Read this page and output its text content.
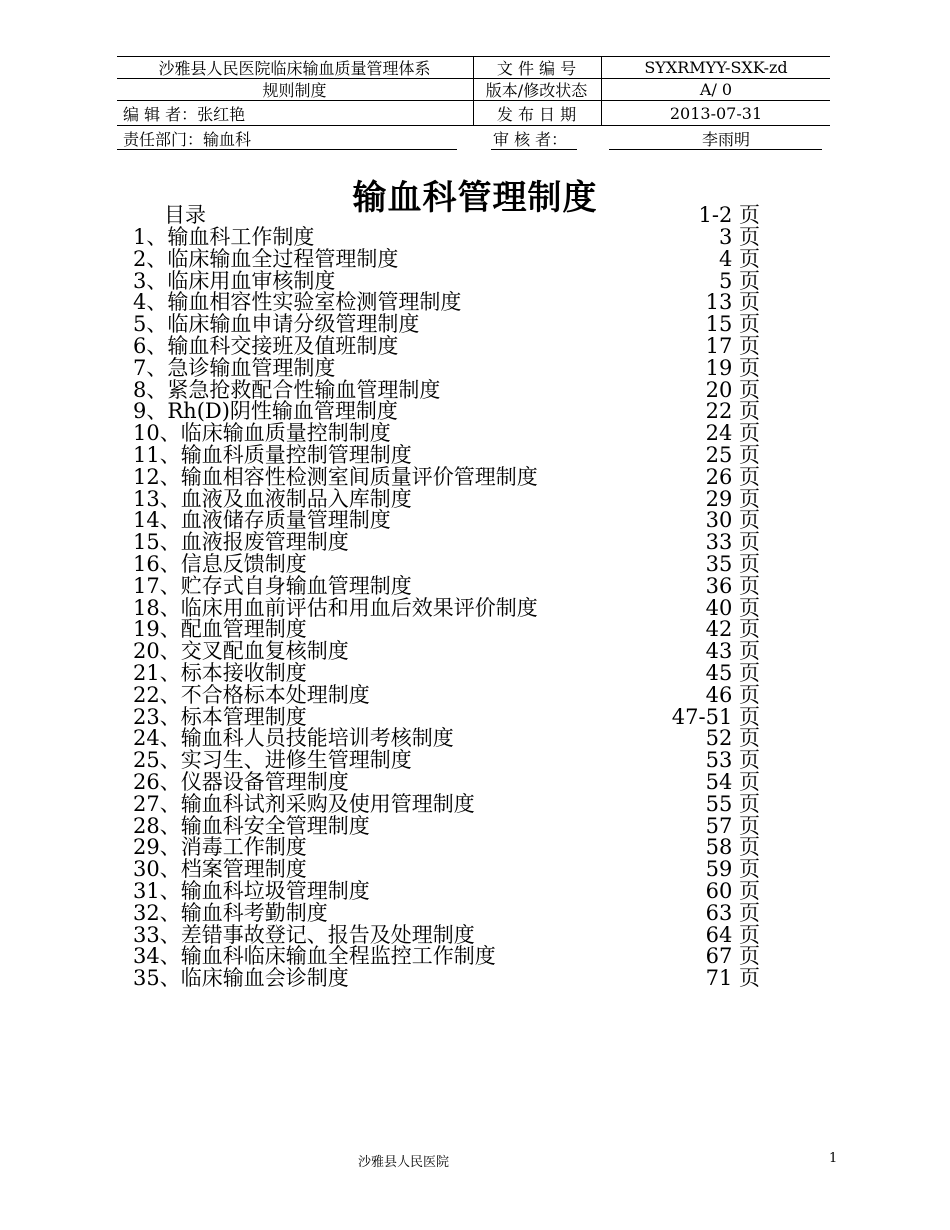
沙雅县人民医院临床输血质量管理体系	文 件 编 号	SYXRMYY-SXK-zd
规则制度	版本/修改状态	A/ 0
编 辑 者：张红艳	发 布 日 期	2013-07-31
责任部门：输血科	审 核 者：	李雨明
输血科管理制度
目录	1-2 页
1、输血科工作制度	3 页
2、临床输血全过程管理制度	4 页
3、临床用血审核制度	5 页
4、输血相容性实验室检测管理制度	13 页
5、临床输血申请分级管理制度	15 页
6、输血科交接班及值班制度	17 页
7、急诊输血管理制度	19 页
8、紧急抢救配合性输血管理制度	20 页
9、Rh(D)阴性输血管理制度	22 页
10、临床输血质量控制制度	24 页
11、输血科质量控制管理制度	25 页
12、输血相容性检测室间质量评价管理制度	26 页
13、血液及血液制品入库制度	29 页
14、血液储存质量管理制度	30 页
15、血液报废管理制度	33 页
16、信息反馈制度	35 页
17、贮存式自身输血管理制度	36 页
18、临床用血前评估和用血后效果评价制度	40 页
19、配血管理制度	42 页
20、交叉配血复核制度	43 页
21、标本接收制度	45 页
22、不合格标本处理制度	46 页
23、标本管理制度	47-51 页
24、输血科人员技能培训考核制度	52 页
25、实习生、进修生管理制度	53 页
26、仪器设备管理制度	54 页
27、输血科试剂采购及使用管理制度	55 页
28、输血科安全管理制度	57 页
29、消毒工作制度	58 页
30、档案管理制度	59 页
31、输血科垃圾管理制度	60 页
32、输血科考勤制度	63 页
33、差错事故登记、报告及处理制度	64 页
34、输血科临床输血全程监控工作制度	67 页
35、临床输血会诊制度	71 页
沙雅县人民医院	1
